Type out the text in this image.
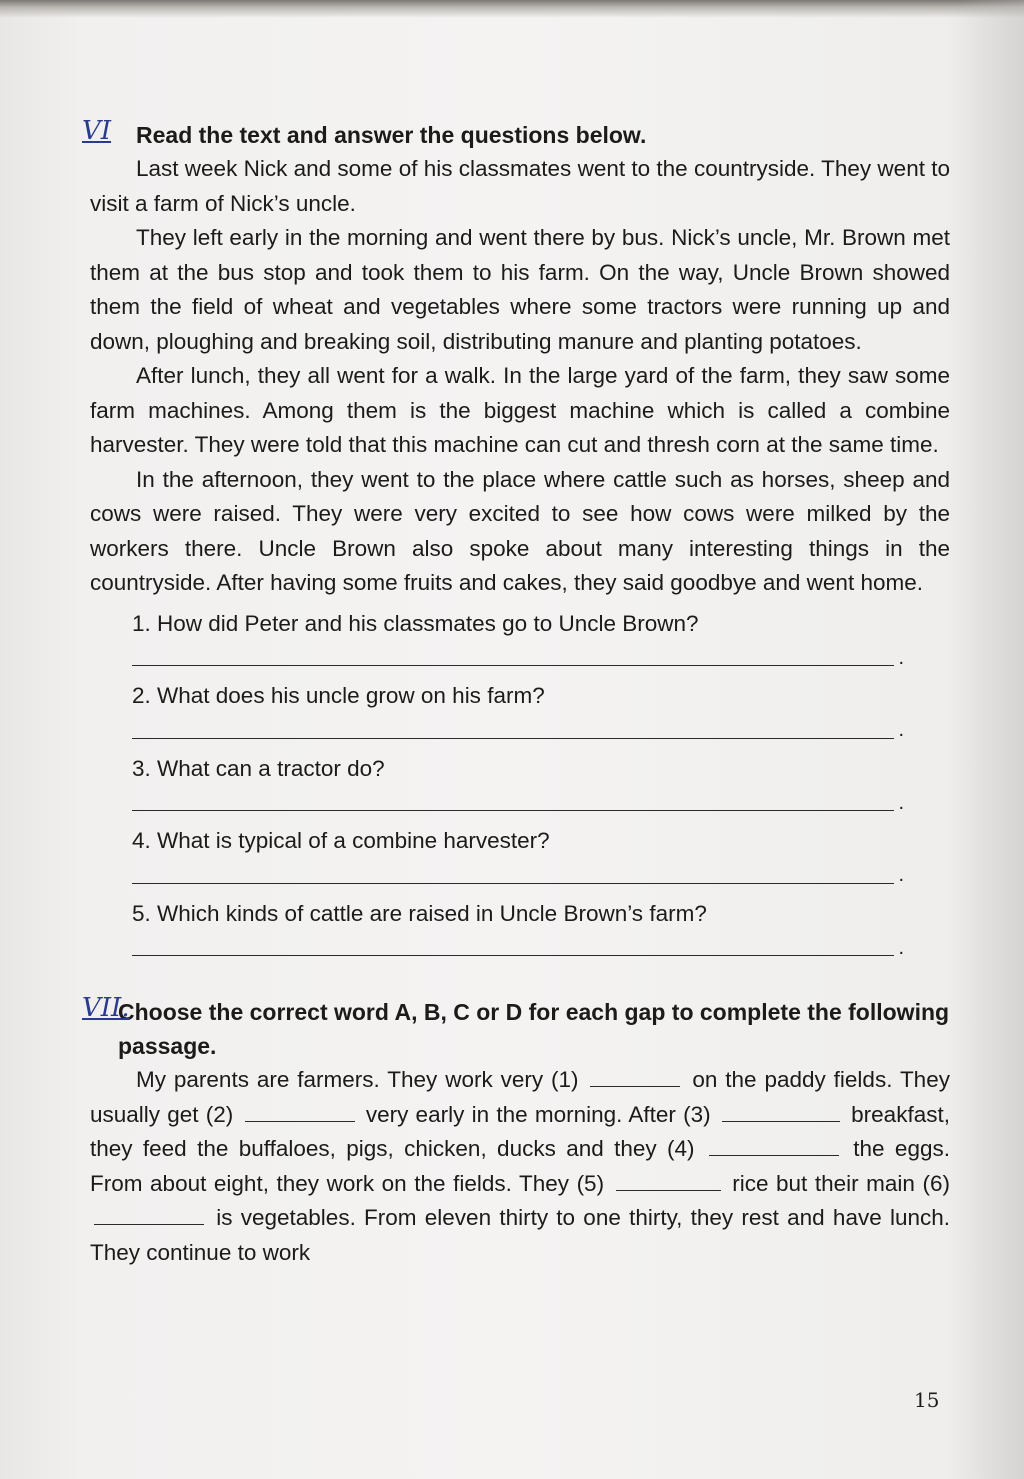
VI Read the text and answer the questions below.

Last week Nick and some of his classmates went to the countryside. They went to visit a farm of Nick’s uncle.

They left early in the morning and went there by bus. Nick’s uncle, Mr. Brown met them at the bus stop and took them to his farm. On the way, Uncle Brown showed them the field of wheat and vegetables where some tractors were running up and down, ploughing and breaking soil, distributing manure and planting potatoes.

After lunch, they all went for a walk. In the large yard of the farm, they saw some farm machines. Among them is the biggest machine which is called a combine harvester. They were told that this machine can cut and thresh corn at the same time.

In the afternoon, they went to the place where cattle such as horses, sheep and cows were raised. They were very excited to see how cows were milked by the workers there. Uncle Brown also spoke about many interesting things in the countryside. After having some fruits and cakes, they said goodbye and went home.

1. How did Peter and his classmates go to Uncle Brown?
.
2. What does his uncle grow on his farm?
.
3. What can a tractor do?
.
4. What is typical of a combine harvester?
.
5. Which kinds of cattle are raised in Uncle Brown’s farm?
.
VII.
Choose the correct word A, B, C or D for each gap to complete the following passage.

My parents are farmers. They work very (1)	on the paddy fields. They usually get (2)	very early in the morning. After (3)	breakfast, they feed the buffaloes, pigs, chicken, ducks and they (4)	the eggs. From about eight, they work on the fields. They (5)	rice but their main (6)  is vegetables. From eleven thirty to one thirty, they rest and have lunch. They continue to work

15
